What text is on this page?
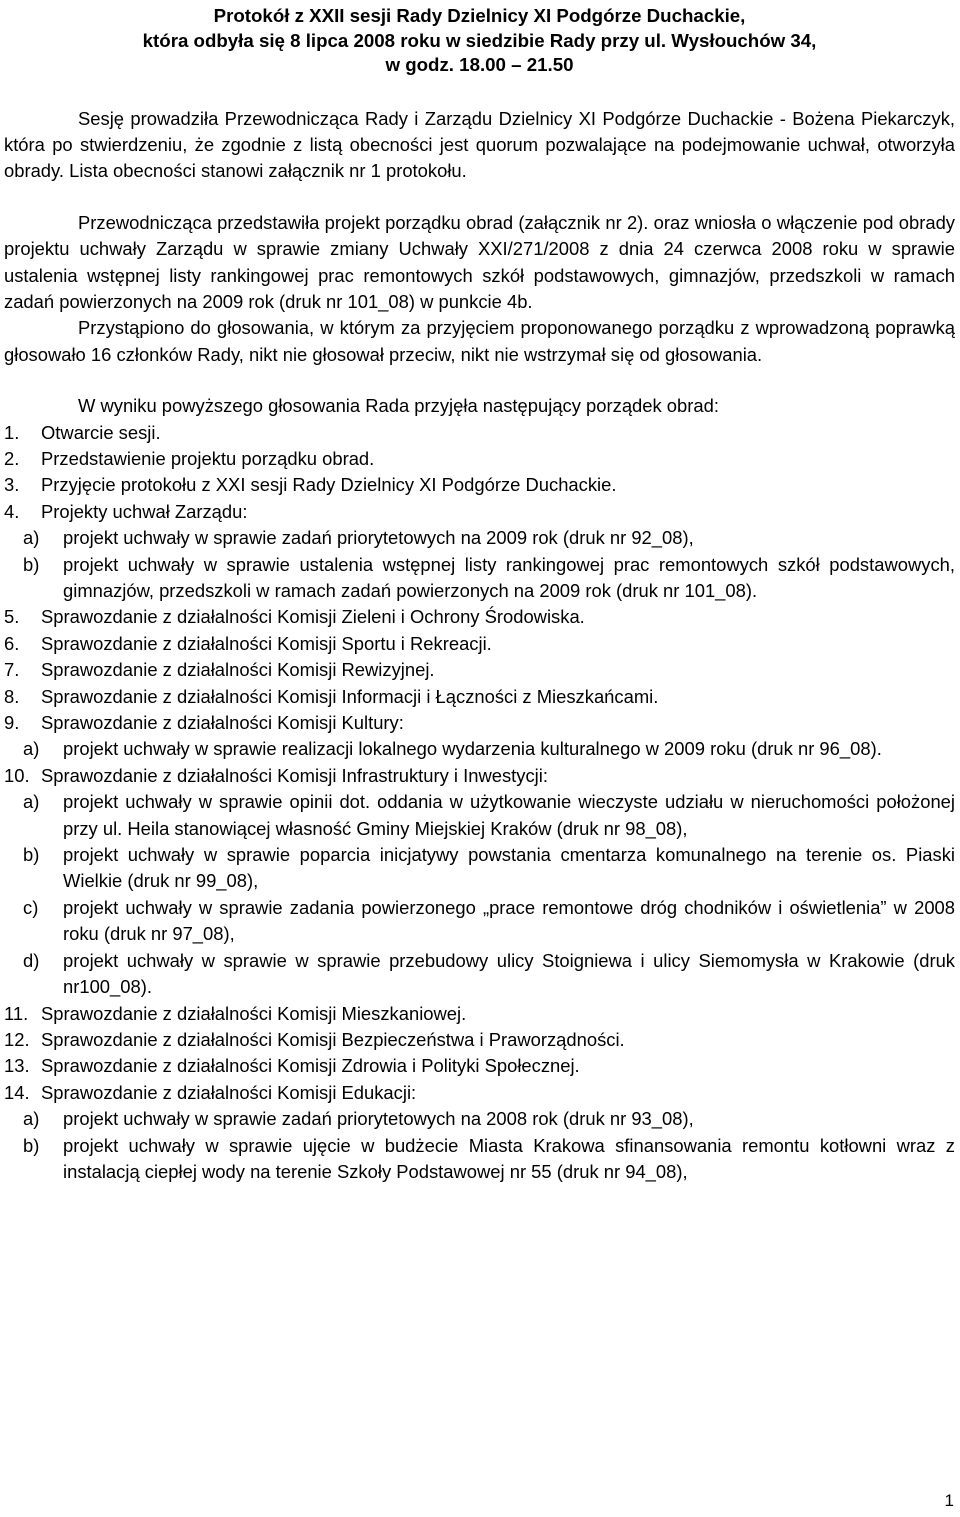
Protokół z XXII sesji Rady Dzielnicy XI Podgórze Duchackie,
która odbyła się 8 lipca 2008 roku w siedzibie Rady przy ul. Wysłouchów 34,
w godz. 18.00 – 21.50

Sesję prowadziła Przewodnicząca Rady i Zarządu Dzielnicy XI Podgórze Duchackie - Bożena Piekarczyk, która po stwierdzeniu, że zgodnie z listą obecności jest quorum pozwalające na podejmowanie uchwał, otworzyła obrady. Lista obecności stanowi załącznik nr 1 protokołu.

Przewodnicząca przedstawiła projekt porządku obrad (załącznik nr 2). oraz wniosła o włączenie pod obrady projektu uchwały Zarządu w sprawie zmiany Uchwały XXI/271/2008 z dnia 24 czerwca 2008 roku w sprawie ustalenia wstępnej listy rankingowej prac remontowych szkół podstawowych, gimnazjów, przedszkoli w ramach zadań powierzonych na 2009 rok (druk nr 101_08) w punkcie 4b.

Przystąpiono do głosowania, w którym za przyjęciem proponowanego porządku z wprowadzoną poprawką głosowało 16 członków Rady, nikt nie głosował przeciw, nikt nie wstrzymał się od głosowania.

W wyniku powyższego głosowania Rada przyjęła następujący porządek obrad:

1.	Otwarcie sesji.
2.	Przedstawienie projektu porządku obrad.
3.	Przyjęcie protokołu z XXI sesji Rady Dzielnicy XI Podgórze Duchackie.
4.	Projekty uchwał Zarządu:
a)	projekt uchwały w sprawie zadań priorytetowych na 2009 rok (druk nr 92_08),
b)	projekt uchwały w sprawie ustalenia wstępnej listy rankingowej prac remontowych szkół podstawowych, gimnazjów, przedszkoli w ramach zadań powierzonych na 2009 rok (druk nr 101_08).
5.	Sprawozdanie z działalności Komisji Zieleni i Ochrony Środowiska.
6.	Sprawozdanie z działalności Komisji Sportu i Rekreacji.
7.	Sprawozdanie z działalności Komisji Rewizyjnej.
8.	Sprawozdanie z działalności Komisji Informacji i Łączności z Mieszkańcami.
9.	Sprawozdanie z działalności Komisji Kultury:
a)	projekt uchwały w sprawie realizacji lokalnego wydarzenia kulturalnego w 2009 roku (druk nr 96_08).
10. Sprawozdanie z działalności Komisji Infrastruktury i Inwestycji:
a)	projekt uchwały w sprawie opinii dot. oddania w użytkowanie wieczyste udziału w nieruchomości położonej przy ul. Heila stanowiącej własność Gminy Miejskiej Kraków (druk nr 98_08),
b)	projekt uchwały w sprawie poparcia inicjatywy powstania cmentarza komunalnego na terenie os. Piaski Wielkie (druk nr 99_08),
c)	projekt uchwały w sprawie zadania powierzonego „prace remontowe dróg chodników i oświetlenia” w 2008 roku (druk nr 97_08),
d)	projekt uchwały w sprawie w sprawie przebudowy ulicy Stoigniewa i ulicy Siemomysła w Krakowie (druk nr100_08).
11. Sprawozdanie z działalności Komisji Mieszkaniowej.
12. Sprawozdanie z działalności Komisji Bezpieczeństwa i Praworządności.
13. Sprawozdanie z działalności Komisji Zdrowia i Polityki Społecznej.
14. Sprawozdanie z działalności Komisji Edukacji:
a)	projekt uchwały w sprawie zadań priorytetowych na 2008 rok (druk nr 93_08),
b)	projekt uchwały w sprawie ujęcie w budżecie Miasta Krakowa sfinansowania remontu kotłowni wraz z instalacją ciepłej wody na terenie Szkoły Podstawowej nr 55 (druk nr 94_08),
1
